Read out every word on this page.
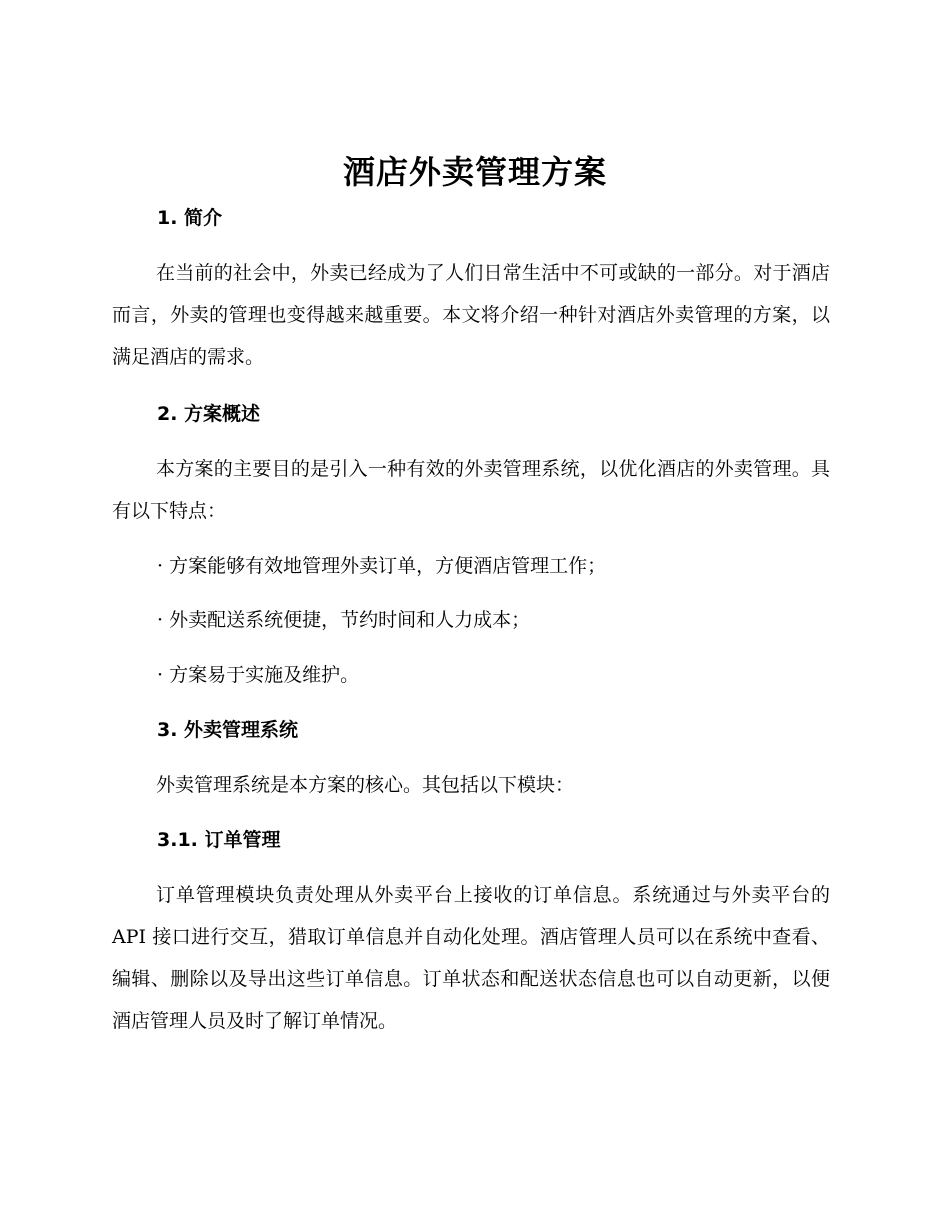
酒店外卖管理方案
1. 简介

在当前的社会中，外卖已经成为了人们日常生活中不可或缺的一部分。对于酒店而言，外卖的管理也变得越来越重要。本文将介绍一种针对酒店外卖管理的方案，以满足酒店的需求。

2. 方案概述

本方案的主要目的是引入一种有效的外卖管理系统，以优化酒店的外卖管理。具有以下特点：

· 方案能够有效地管理外卖订单，方便酒店管理工作；
· 外卖配送系统便捷，节约时间和人力成本；
· 方案易于实施及维护。
3. 外卖管理系统

外卖管理系统是本方案的核心。其包括以下模块：

3.1. 订单管理

订单管理模块负责处理从外卖平台上接收的订单信息。系统通过与外卖平台的 API 接口进行交互，猎取订单信息并自动化处理。酒店管理人员可以在系统中查看、编辑、删除以及导出这些订单信息。订单状态和配送状态信息也可以自动更新，以便酒店管理人员及时了解订单情况。
